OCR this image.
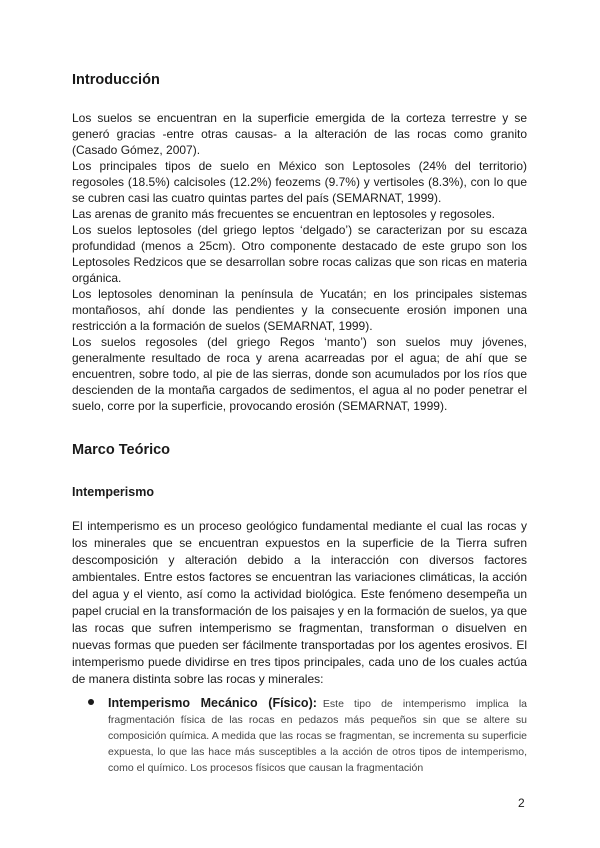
Introducción

Los suelos se encuentran en la superficie emergida de la corteza terrestre y se generó gracias -entre otras causas- a la alteración de las rocas como granito (Casado Gómez, 2007).

Los principales tipos de suelo en México son Leptosoles (24% del territorio) regosoles (18.5%) calcisoles (12.2%) feozems (9.7%) y vertisoles (8.3%), con lo que se cubren casi las cuatro quintas partes del país (SEMARNAT, 1999).

Las arenas de granito más frecuentes se encuentran en leptosoles y regosoles.

Los suelos leptosoles (del griego leptos ‘delgado’) se caracterizan por su escaza profundidad (menos a 25cm). Otro componente destacado de este grupo son los Leptosoles Redzicos que se desarrollan sobre rocas calizas que son ricas en materia orgánica.

Los leptosoles denominan la península de Yucatán; en los principales sistemas montañosos, ahí donde las pendientes y la consecuente erosión imponen una restricción a la formación de suelos (SEMARNAT, 1999).

Los suelos regosoles (del griego Regos ‘manto’) son suelos muy jóvenes, generalmente resultado de roca y arena acarreadas por el agua; de ahí que se encuentren, sobre todo, al pie de las sierras, donde son acumulados por los ríos que descienden de la montaña cargados de sedimentos, el agua al no poder penetrar el suelo, corre por la superficie, provocando erosión (SEMARNAT, 1999).

Marco Teórico
Intemperismo

El intemperismo es un proceso geológico fundamental mediante el cual las rocas y los minerales que se encuentran expuestos en la superficie de la Tierra sufren descomposición y alteración debido a la interacción con diversos factores ambientales. Entre estos factores se encuentran las variaciones climáticas, la acción del agua y el viento, así como la actividad biológica. Este fenómeno desempeña un papel crucial en la transformación de los paisajes y en la formación de suelos, ya que las rocas que sufren intemperismo se fragmentan, transforman o disuelven en nuevas formas que pueden ser fácilmente transportadas por los agentes erosivos. El intemperismo puede dividirse en tres tipos principales, cada uno de los cuales actúa de manera distinta sobre las rocas y minerales:

Intemperismo Mecánico (Físico): Este tipo de intemperismo implica la fragmentación física de las rocas en pedazos más pequeños sin que se altere su composición química. A medida que las rocas se fragmentan, se incrementa su superficie expuesta, lo que las hace más susceptibles a la acción de otros tipos de intemperismo, como el químico. Los procesos físicos que causan la fragmentación

2
